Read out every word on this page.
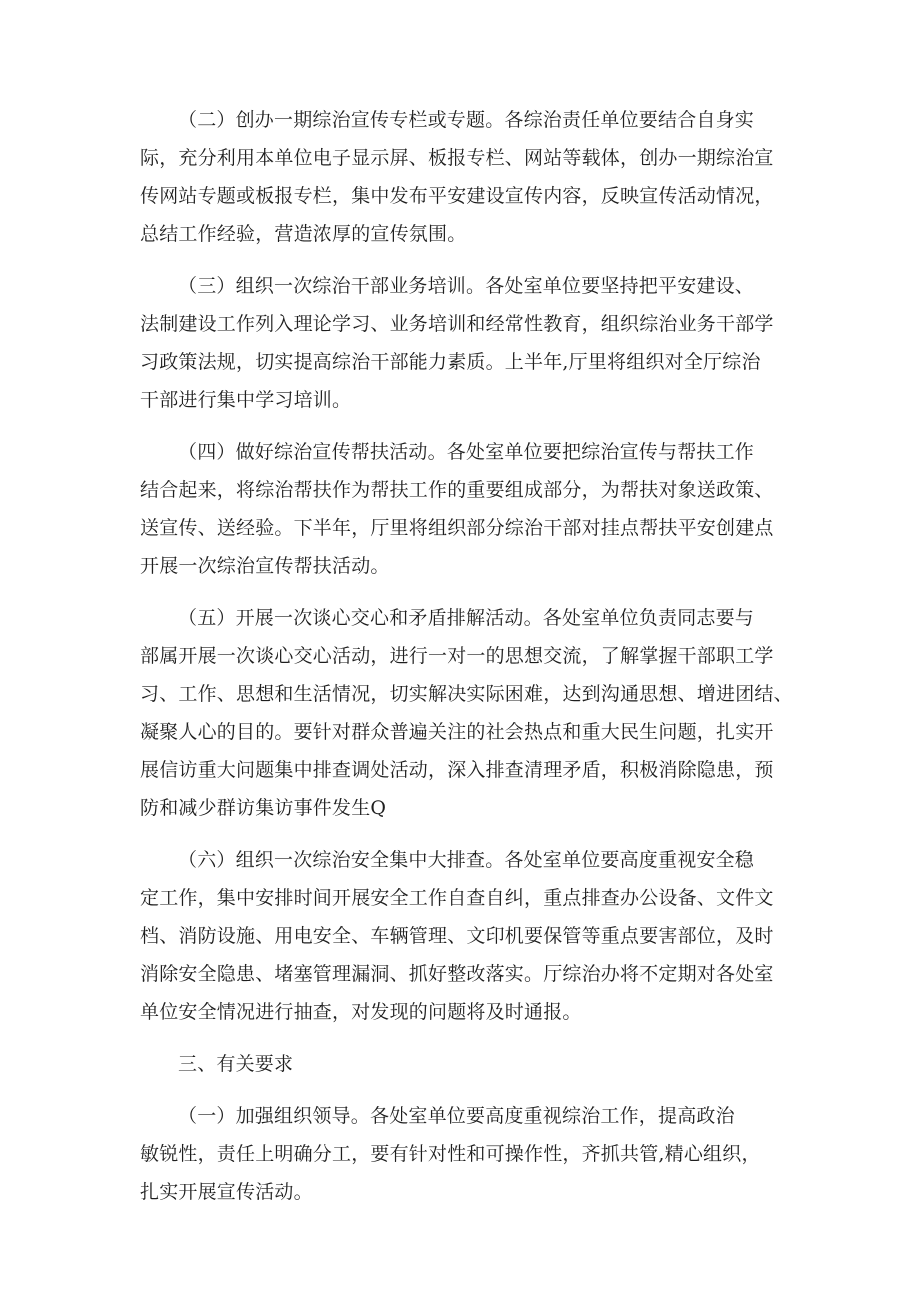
（二）创办一期综治宣传专栏或专题。各综治责任单位要结合自身实
际，充分利用本单位电子显示屏、板报专栏、网站等载体，创办一期综治宣
传网站专题或板报专栏，集中发布平安建设宣传内容，反映宣传活动情况，
总结工作经验，营造浓厚的宣传氛围。
（三）组织一次综治干部业务培训。各处室单位要坚持把平安建设、
法制建设工作列入理论学习、业务培训和经常性教育，组织综治业务干部学
习政策法规，切实提高综治干部能力素质。上半年,厅里将组织对全厅综治
干部进行集中学习培训。
（四）做好综治宣传帮扶活动。各处室单位要把综治宣传与帮扶工作
结合起来，将综治帮扶作为帮扶工作的重要组成部分，为帮扶对象送政策、
送宣传、送经验。下半年，厅里将组织部分综治干部对挂点帮扶平安创建点
开展一次综治宣传帮扶活动。
（五）开展一次谈心交心和矛盾排解活动。各处室单位负责同志要与
部属开展一次谈心交心活动，进行一对一的思想交流，了解掌握干部职工学
习、工作、思想和生活情况，切实解决实际困难，达到沟通思想、增进团结、
凝聚人心的目的。要针对群众普遍关注的社会热点和重大民生问题，扎实开
展信访重大问题集中排查调处活动，深入排查清理矛盾，积极消除隐患，预
防和减少群访集访事件发生Q
（六）组织一次综治安全集中大排查。各处室单位要高度重视安全稳
定工作，集中安排时间开展安全工作自查自纠，重点排查办公设备、文件文
档、消防设施、用电安全、车辆管理、文印机要保管等重点要害部位，及时
消除安全隐患、堵塞管理漏洞、抓好整改落实。厅综治办将不定期对各处室
单位安全情况进行抽查，对发现的问题将及时通报。
三、有关要求
（一）加强组织领导。各处室单位要高度重视综治工作，提高政治
敏锐性，责任上明确分工，要有针对性和可操作性，齐抓共管,精心组织，
扎实开展宣传活动。
